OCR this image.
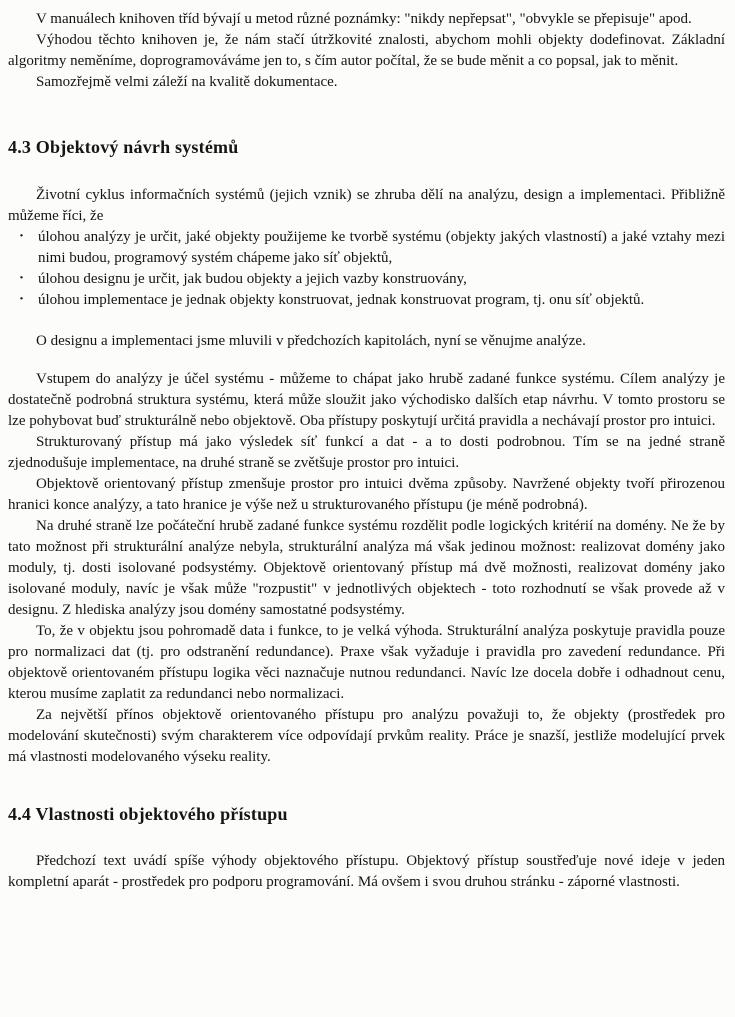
V manuálech knihoven tříd bývají u metod různé poznámky: "nikdy nepřepsat", "obvykle se přepisuje" apod.

Výhodou těchto knihoven je, že nám stačí útržkovité znalosti, abychom mohli objekty dodefinovat. Základní algoritmy neměníme, doprogramováváme jen to, s čím autor počítal, že se bude měnit a co popsal, jak to měnit.

Samozřejmě velmi záleží na kvalitě dokumentace.

4.3 Objektový návrh systémů

Životní cyklus informačních systémů (jejich vznik) se zhruba dělí na analýzu, design a implementaci. Přibližně můžeme říci, že

· úlohou analýzy je určit, jaké objekty použijeme ke tvorbě systému (objekty jakých vlastností) a jaké vztahy mezi nimi budou, programový systém chápeme jako síť objektů,
· úlohou designu je určit, jak budou objekty a jejich vazby konstruovány,
· úlohou implementace je jednak objekty konstruovat, jednak konstruovat program, tj. onu síť objektů.

O designu a implementaci jsme mluvili v předchozích kapitolách, nyní se věnujme analýze.

Vstupem do analýzy je účel systému - můžeme to chápat jako hrubě zadané funkce systému. Cílem analýzy je dostatečně podrobná struktura systému, která může sloužit jako východisko dalších etap návrhu. V tomto prostoru se lze pohybovat buď strukturálně nebo objektově. Oba přístupy poskytují určitá pravidla a nechávají prostor pro intuici.

Strukturovaný přístup má jako výsledek síť funkcí a dat - a to dosti podrobnou. Tím se na jedné straně zjednodušuje implementace, na druhé straně se zvětšuje prostor pro intuici.

Objektově orientovaný přístup zmenšuje prostor pro intuici dvěma způsoby. Navržené objekty tvoří přirozenou hranici konce analýzy, a tato hranice je výše než u strukturovaného přístupu (je méně podrobná).

Na druhé straně lze počáteční hrubě zadané funkce systému rozdělit podle logických kritérií na domény. Ne že by tato možnost při strukturální analýze nebyla, strukturální analýza má však jedinou možnost: realizovat domény jako moduly, tj. dosti isolované podsystémy. Objektově orientovaný přístup má dvě možnosti, realizovat domény jako isolované moduly, navíc je však může "rozpustit" v jednotlivých objektech - toto rozhodnutí se však provede až v designu. Z hlediska analýzy jsou domény samostatné podsystémy.

To, že v objektu jsou pohromadě data i funkce, to je velká výhoda. Strukturální analýza poskytuje pravidla pouze pro normalizaci dat (tj. pro odstranění redundance). Praxe však vyžaduje i pravidla pro zavedení redundance. Při objektově orientovaném přístupu logika věci naznačuje nutnou redundanci. Navíc lze docela dobře i odhadnout cenu, kterou musíme zaplatit za redundanci nebo normalizaci.

Za největší přínos objektově orientovaného přístupu pro analýzu považuji to, že objekty (prostředek pro modelování skutečnosti) svým charakterem více odpovídají prvkům reality. Práce je snazší, jestliže modelující prvek má vlastnosti modelovaného výseku reality.

4.4 Vlastnosti objektového přístupu

Předchozí text uvádí spíše výhody objektového přístupu. Objektový přístup soustřeďuje nové ideje v jeden kompletní aparát - prostředek pro podporu programování. Má ovšem i svou druhou stránku - záporné vlastnosti.
